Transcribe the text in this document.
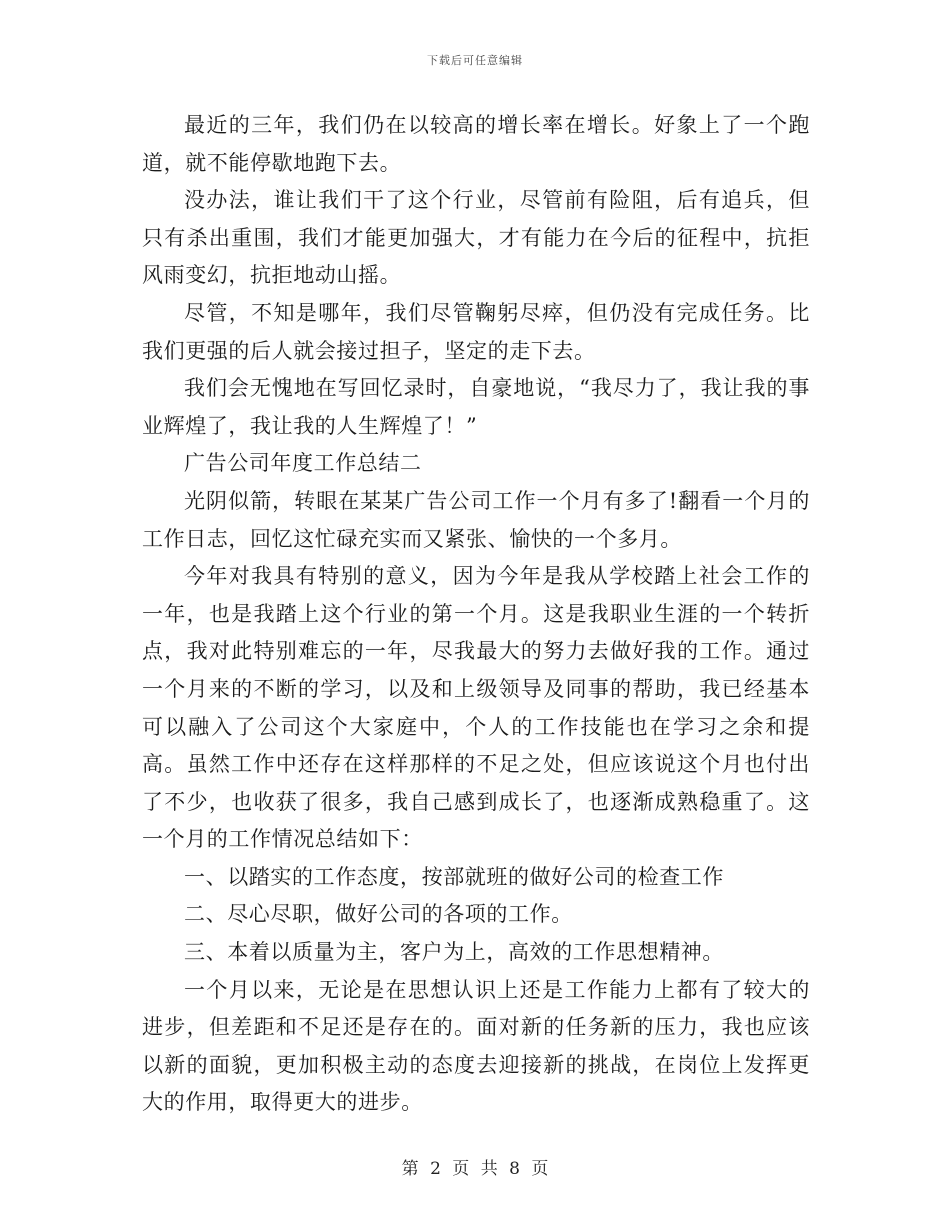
下载后可任意编辑

最近的三年，我们仍在以较高的增长率在增长。好象上了一个跑道，就不能停歇地跑下去。

没办法，谁让我们干了这个行业，尽管前有险阻，后有追兵，但只有杀出重围，我们才能更加强大，才有能力在今后的征程中，抗拒风雨变幻，抗拒地动山摇。

尽管，不知是哪年，我们尽管鞠躬尽瘁，但仍没有完成任务。比我们更强的后人就会接过担子，坚定的走下去。

我们会无愧地在写回忆录时，自豪地说，“我尽力了，我让我的事业辉煌了，我让我的人生辉煌了！”

广告公司年度工作总结二

光阴似箭，转眼在某某广告公司工作一个月有多了!翻看一个月的工作日志，回忆这忙碌充实而又紧张、愉快的一个多月。

今年对我具有特别的意义，因为今年是我从学校踏上社会工作的一年，也是我踏上这个行业的第一个月。这是我职业生涯的一个转折点，我对此特别难忘的一年，尽我最大的努力去做好我的工作。通过一个月来的不断的学习，以及和上级领导及同事的帮助，我已经基本可以融入了公司这个大家庭中，个人的工作技能也在学习之余和提高。虽然工作中还存在这样那样的不足之处，但应该说这个月也付出了不少，也收获了很多，我自己感到成长了，也逐渐成熟稳重了。这一个月的工作情况总结如下：

一、以踏实的工作态度，按部就班的做好公司的检查工作

二、尽心尽职，做好公司的各项的工作。

三、本着以质量为主，客户为上，高效的工作思想精神。

一个月以来，无论是在思想认识上还是工作能力上都有了较大的进步，但差距和不足还是存在的。面对新的任务新的压力，我也应该以新的面貌，更加积极主动的态度去迎接新的挑战，在岗位上发挥更大的作用，取得更大的进步。

第 2 页 共 8 页
